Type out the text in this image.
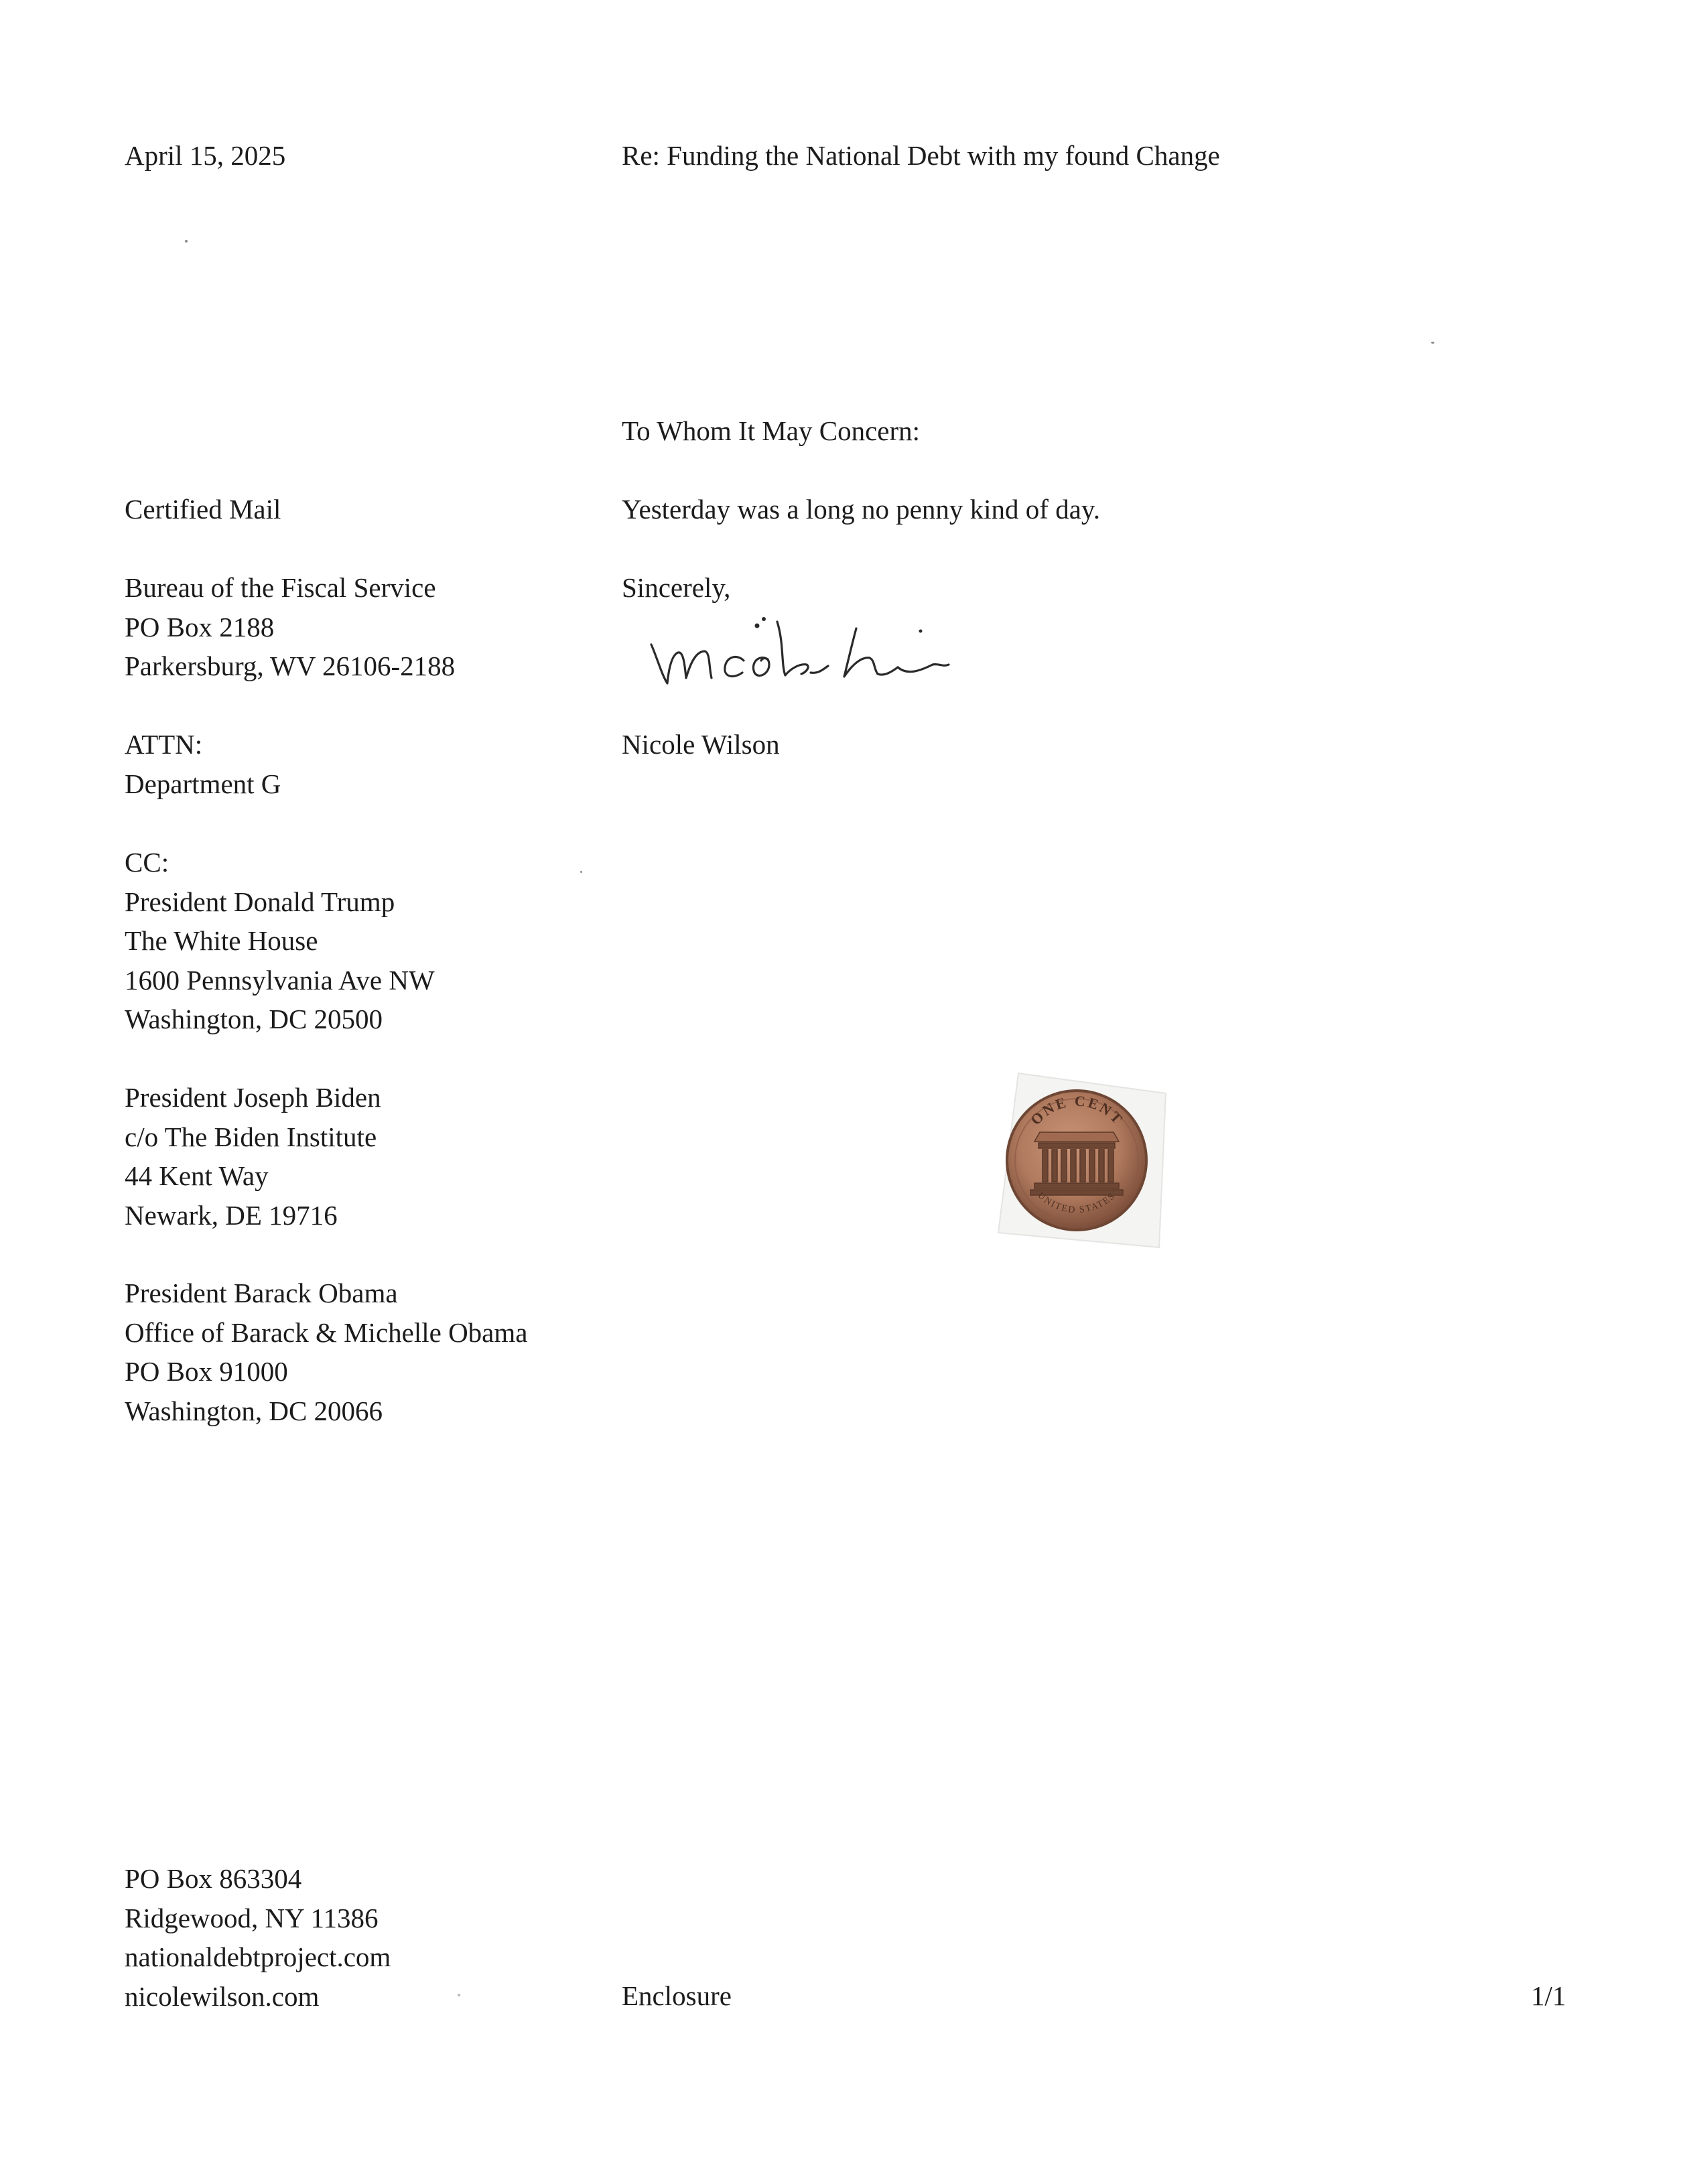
April 15, 2025	Re: Funding the National Debt with my found Change

To Whom It May Concern:

Yesterday was a long no penny kind of day.

Sincerely,

Nicole Wilson

Certified Mail

Bureau of the Fiscal Service
PO Box 2188
Parkersburg, WV 26106-2188
ATTN:
Department G
CC:
President Donald Trump
The White House
1600 Pennsylvania Ave NW
Washington, DC 20500
President Joseph Biden
c/o The Biden Institute
44 Kent Way
Newark, DE 19716
President Barack Obama
Office of Barack & Michelle Obama
PO Box 91000
Washington, DC 20066
ONE CENT
UNITED STATES
PO Box 863304
Ridgewood, NY 11386
nationaldebtproject.com
nicolewilson.com	Enclosure	1/1
